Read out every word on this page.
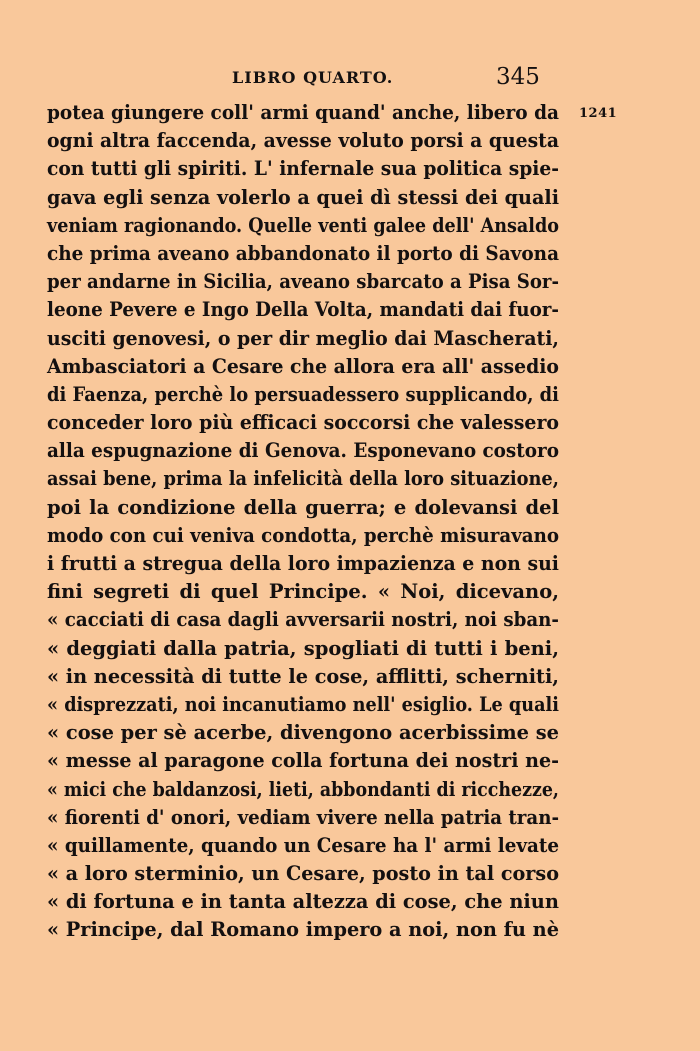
LIBRO QUARTO.	345
1241
potea giungere coll' armi quand' anche, libero da
ogni altra faccenda, avesse voluto porsi a questa
con tutti gli spiriti. L' infernale sua politica spie-
gava egli senza volerlo a quei dì stessi dei quali
veniam ragionando. Quelle venti galee dell' Ansaldo
che prima aveano abbandonato il porto di Savona
per andarne in Sicilia, aveano sbarcato a Pisa Sor-
leone Pevere e Ingo Della Volta, mandati dai fuor-
usciti genovesi, o per dir meglio dai Mascherati,
Ambasciatori a Cesare che allora era all' assedio
di Faenza, perchè lo persuadessero supplicando, di
conceder loro più efficaci soccorsi che valessero
alla espugnazione di Genova. Esponevano costoro
assai bene, prima la infelicità della loro situazione,
poi la condizione della guerra; e dolevansi del
modo con cui veniva condotta, perchè misuravano
i frutti a stregua della loro impazienza e non sui
fini segreti di quel Principe. « Noi, dicevano,
« cacciati di casa dagli avversarii nostri, noi sban-
« deggiati dalla patria, spogliati di tutti i beni,
« in necessità di tutte le cose, afflitti, scherniti,
« disprezzati, noi incanutiamo nell' esiglio. Le quali
« cose per sè acerbe, divengono acerbissime se
« messe al paragone colla fortuna dei nostri ne-
« mici che baldanzosi, lieti, abbondanti di ricchezze,
« fiorenti d' onori, vediam vivere nella patria tran-
« quillamente, quando un Cesare ha l' armi levate
« a loro sterminio, un Cesare, posto in tal corso
« di fortuna e in tanta altezza di cose, che niun
« Principe, dal Romano impero a noi, non fu nè
